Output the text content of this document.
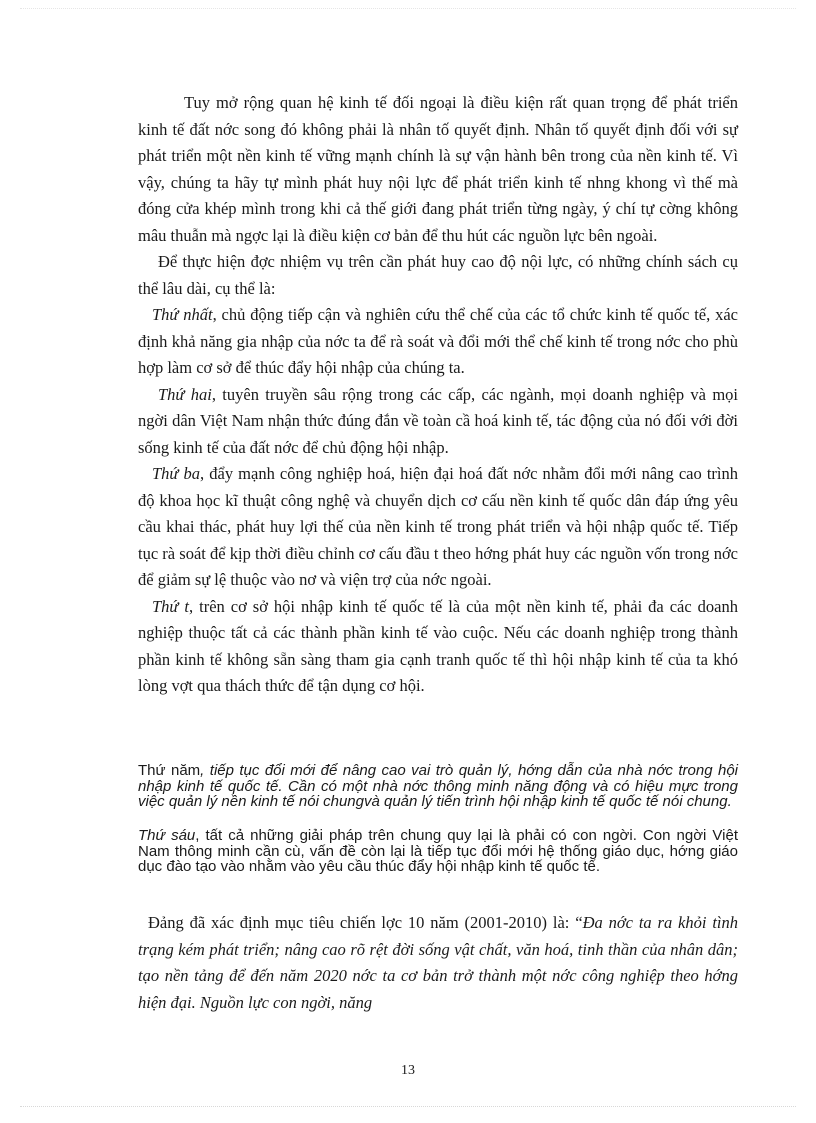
Tuy mở rộng quan hệ kinh tế đối ngoại là điều kiện rất quan trọng để phát triển kinh tế đất nớc song đó không phải là nhân tố quyết định. Nhân tố quyết định đối với sự phát triển một nền kinh tế vững mạnh chính là sự vận hành bên trong của nền kinh tế. Vì vậy, chúng ta hãy tự mình phát huy nội lực để phát triển kinh tế nhng khong vì thế mà đóng cửa khép mình trong khi cả thế giới đang phát triển từng ngày, ý chí tự cờng không mâu thuẫn mà ngợc lại là điều kiện cơ bản để thu hút các nguồn lực bên ngoài.

Để thực hiện đợc nhiệm vụ trên cần phát huy cao độ nội lực, có những chính sách cụ thể lâu dài, cụ thể là:

Thứ nhất, chủ động tiếp cận và nghiên cứu thể chế của các tổ chức kinh tế quốc tế, xác định khả năng gia nhập của nớc ta để rà soát và đổi mới thể chế kinh tế trong nớc cho phù hợp làm cơ sở để thúc đẩy hội nhập của chúng ta.

Thứ hai, tuyên truyền sâu rộng trong các cấp, các ngành, mọi doanh nghiệp và mọi ngời dân Việt Nam nhận thức đúng đắn về toàn cầ hoá kinh tế, tác động của nó đối với đời sống kinh tế của đất nớc để chủ động hội nhập.

Thứ ba, đẩy mạnh công nghiệp hoá, hiện đại hoá đất nớc nhằm đổi mới nâng cao trình độ khoa học kĩ thuật công nghệ và chuyển dịch cơ cấu nền kinh tế quốc dân đáp ứng yêu cầu khai thác, phát huy lợi thế của nền kinh tế trong phát triển và hội nhập quốc tế. Tiếp tục rà soát để kịp thời điều chỉnh cơ cấu đầu t theo hớng phát huy các nguồn vốn trong nớc để giảm sự lệ thuộc vào nơ và viện trợ của nớc ngoài.

Thứ t, trên cơ sở hội nhập kinh tế quốc tế là của một nền kinh tế, phải đa các doanh nghiệp thuộc tất cả các thành phần kinh tế vào cuộc. Nếu các doanh nghiệp trong thành phần kinh tế không sẵn sàng tham gia cạnh tranh quốc tế thì hội nhập kinh tế của ta khó lòng vợt qua thách thức để tận dụng cơ hội.

Thứ năm, tiếp tục đổi mới để nâng cao vai trò quản lý, hớng dẫn của nhà nớc trong hội nhập kinh tế quốc tế. Cần có một nhà nớc thông minh năng động và có hiệu mực trong việc quản lý nền kinh tế nói chungvà quản lý tiến trình hội nhập kinh tế quốc tế nói chung.

Thứ sáu, tất cả những giải pháp trên chung quy lại là phải có con ngời. Con ngời Việt Nam thông minh cần cù, vấn đề còn lại là tiếp tục đổi mới hệ thống giáo dục, hớng giáo dục đào tạo vào nhằm vào yêu cầu thúc đẩy hội nhập kinh tế quốc tế.

Đảng đã xác định mục tiêu chiến lợc 10 năm (2001-2010) là: “Đa nớc ta ra khỏi tình trạng kém phát triển; nâng cao rõ rệt đời sống vật chất, văn hoá, tinh thần của nhân dân; tạo nền tảng để đến năm 2020 nớc ta cơ bản trở thành một nớc công nghiệp theo hớng hiện đại. Nguồn lực con ngời, năng

13
